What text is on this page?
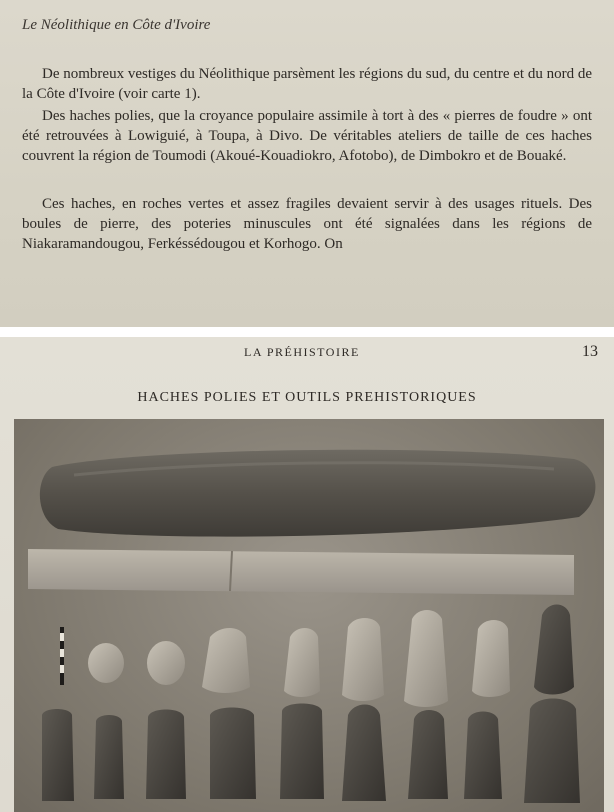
Le Néolithique en Côte d'Ivoire

De nombreux vestiges du Néolithique parsèment les régions du sud, du centre et du nord de la Côte d'Ivoire (voir carte 1).

Des haches polies, que la croyance populaire assimile à tort à des « pierres de foudre » ont été retrouvées à Lowiguié, à Toupa, à Divo. De véritables ateliers de taille de ces haches couvrent la région de Toumodi (Akoué-Kouadiokro, Afotobo), de Dimbokro et de Bouaké.

Ces haches, en roches vertes et assez fragiles devaient servir à des usages rituels. Des boules de pierre, des poteries minuscules ont été signalées dans les régions de Niakaramandougou, Ferkéssédougou et Korhogo. On

LA PRÉHISTOIRE	13
HACHES POLIES ET OUTILS PREHISTORIQUES
